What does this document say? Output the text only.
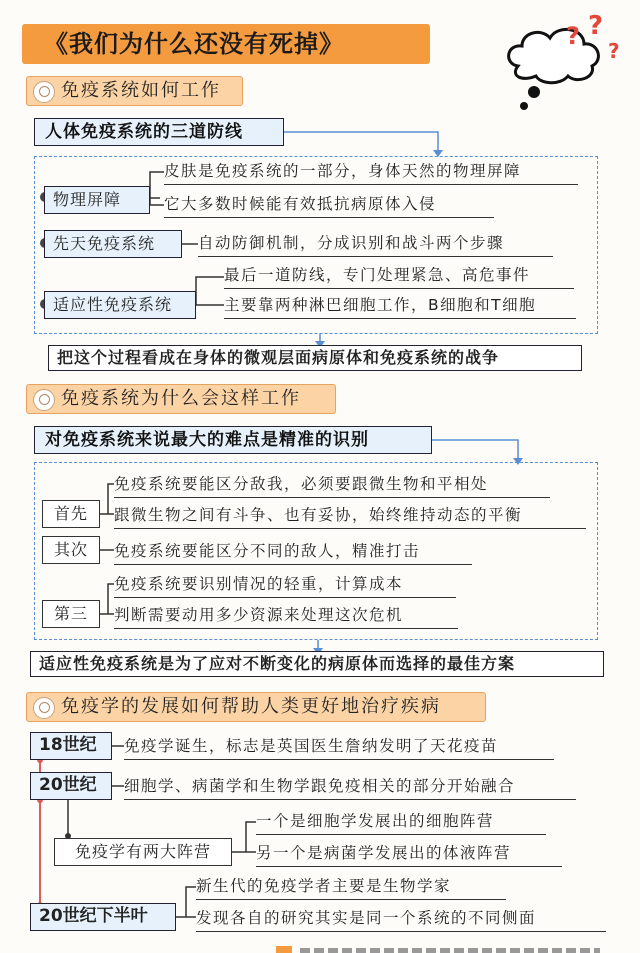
《我们为什么还没有死掉》	? ?
?
免疫系统如何工作
人体免疫系统的三道防线
物理屏障
皮肤是免疫系统的一部分，身体天然的物理屏障
它大多数时候能有效抵抗病原体入侵
先天免疫系统	自动防御机制，分成识别和战斗两个步骤
适应性免疫系统
最后一道防线，专门处理紧急、高危事件
主要靠两种淋巴细胞工作，B细胞和T细胞
把这个过程看成在身体的微观层面病原体和免疫系统的战争
免疫系统为什么会这样工作
对免疫系统来说最大的难点是精准的识别
首先
免疫系统要能区分敌我，必须要跟微生物和平相处
跟微生物之间有斗争、也有妥协，始终维持动态的平衡
其次	免疫系统要能区分不同的敌人，精准打击
第三
免疫系统要识别情况的轻重，计算成本
判断需要动用多少资源来处理这次危机
适应性免疫系统是为了应对不断变化的病原体而选择的最佳方案
免疫学的发展如何帮助人类更好地治疗疾病
18世纪	免疫学诞生，标志是英国医生詹纳发明了天花疫苗
20世纪	细胞学、病菌学和生物学跟免疫相关的部分开始融合
免疫学有两大阵营
一个是细胞学发展出的细胞阵营
另一个是病菌学发展出的体液阵营
20世纪下半叶
新生代的免疫学者主要是生物学家
发现各自的研究其实是同一个系统的不同侧面
